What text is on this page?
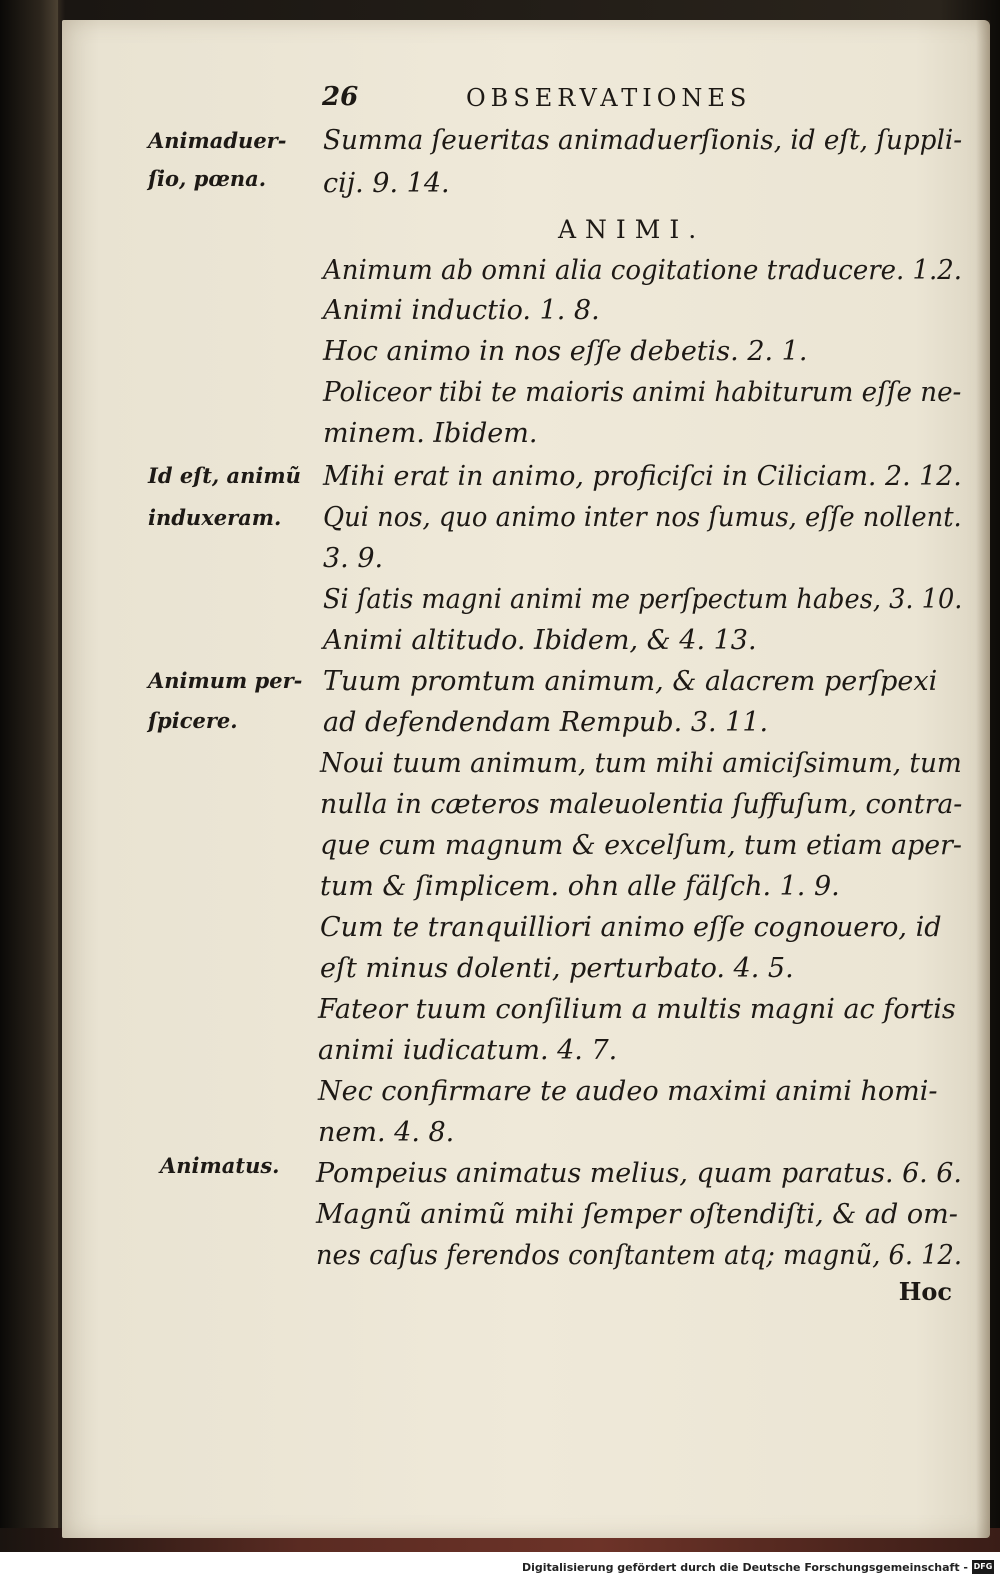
26	OBSERVATIONES
ANIMI.
Animaduer-
ſio, pœna.
Id eſt, animũ
induxeram.
Animum per-
ſpicere.
Animatus.
Summa ſeueritas animaduerſionis, id eſt, ſuppli-
cij. 9. 14.
Animum ab omni alia cogitatione traducere. 1.2.
Animi inductio. 1. 8.
Hoc animo in nos eſſe debetis. 2. 1.
Policeor tibi te maioris animi habiturum eſſe ne-
minem. Ibidem.
Mihi erat in animo, proficiſci in Ciliciam. 2. 12.
Qui nos, quo animo inter nos ſumus, eſſe nollent.
3. 9.
Si ſatis magni animi me perſpectum habes, 3. 10.
Animi altitudo. Ibidem, & 4. 13.
Tuum promtum animum, & alacrem perſpexi
ad defendendam Rempub. 3. 11.
Noui tuum animum, tum mihi amiciſsimum, tum
nulla in cæteros maleuolentia ſuffuſum, contra-
que cum magnum & excelſum, tum etiam aper-
tum & ſimplicem. ohn alle fälſch. 1. 9.
Cum te tranquilliori animo eſſe cognouero, id
eſt minus dolenti, perturbato. 4. 5.
Fateor tuum conſilium a multis magni ac fortis
animi iudicatum. 4. 7.
Nec confirmare te audeo maximi animi homi-
nem. 4. 8.
Pompeius animatus melius, quam paratus. 6. 6.
Magnũ animũ mihi ſemper oſtendiſti, & ad om-
nes caſus ferendos conſtantem atq; magnũ, 6. 12.
Hoc
Digitalisierung gefördert durch die Deutsche Forschungsgemeinschaft - DFG
